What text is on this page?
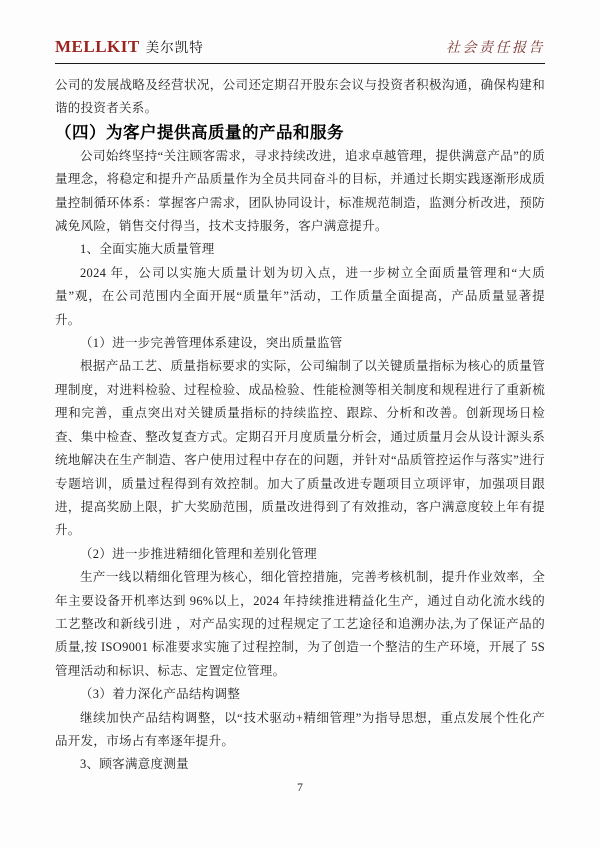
MELLKIT 美尔凯特	社会责任报告

公司的发展战略及经营状况，公司还定期召开股东会议与投资者积极沟通，确保构建和谐的投资者关系。

（四）为客户提供高质量的产品和服务

公司始终坚持“关注顾客需求，寻求持续改进，追求卓越管理，提供满意产品”的质量理念，将稳定和提升产品质量作为全员共同奋斗的目标，并通过长期实践逐渐形成质量控制循环体系：掌握客户需求，团队协同设计，标准规范制造，监测分析改进，预防减免风险，销售交付得当，技术支持服务，客户满意提升。

1、全面实施大质量管理

2024 年，公司以实施大质量计划为切入点，进一步树立全面质量管理和“大质量”观，在公司范围内全面开展“质量年”活动，工作质量全面提高，产品质量显著提升。

（1）进一步完善管理体系建设，突出质量监管

根据产品工艺、质量指标要求的实际，公司编制了以关键质量指标为核心的质量管理制度，对进料检验、过程检验、成品检验、性能检测等相关制度和规程进行了重新梳理和完善，重点突出对关键质量指标的持续监控、跟踪、分析和改善。创新现场日检查、集中检查、整改复查方式。定期召开月度质量分析会，通过质量月会从设计源头系统地解决在生产制造、客户使用过程中存在的问题，并针对“品质管控运作与落实”进行专题培训，质量过程得到有效控制。加大了质量改进专题项目立项评审，加强项目跟进，提高奖励上限，扩大奖励范围，质量改进得到了有效推动，客户满意度较上年有提升。

（2）进一步推进精细化管理和差别化管理

生产一线以精细化管理为核心，细化管控措施，完善考核机制，提升作业效率，全年主要设备开机率达到 96%以上，2024 年持续推进精益化生产，通过自动化流水线的工艺整改和新线引进 ，对产品实现的过程规定了工艺途径和追溯办法,为了保证产品的质量,按 ISO9001 标准要求实施了过程控制，为了创造一个整洁的生产环境，开展了 5S 管理活动和标识、标志、定置定位管理。

（3）着力深化产品结构调整

继续加快产品结构调整，以“技术驱动+精细管理”为指导思想，重点发展个性化产品开发，市场占有率逐年提升。

3、顾客满意度测量

7
